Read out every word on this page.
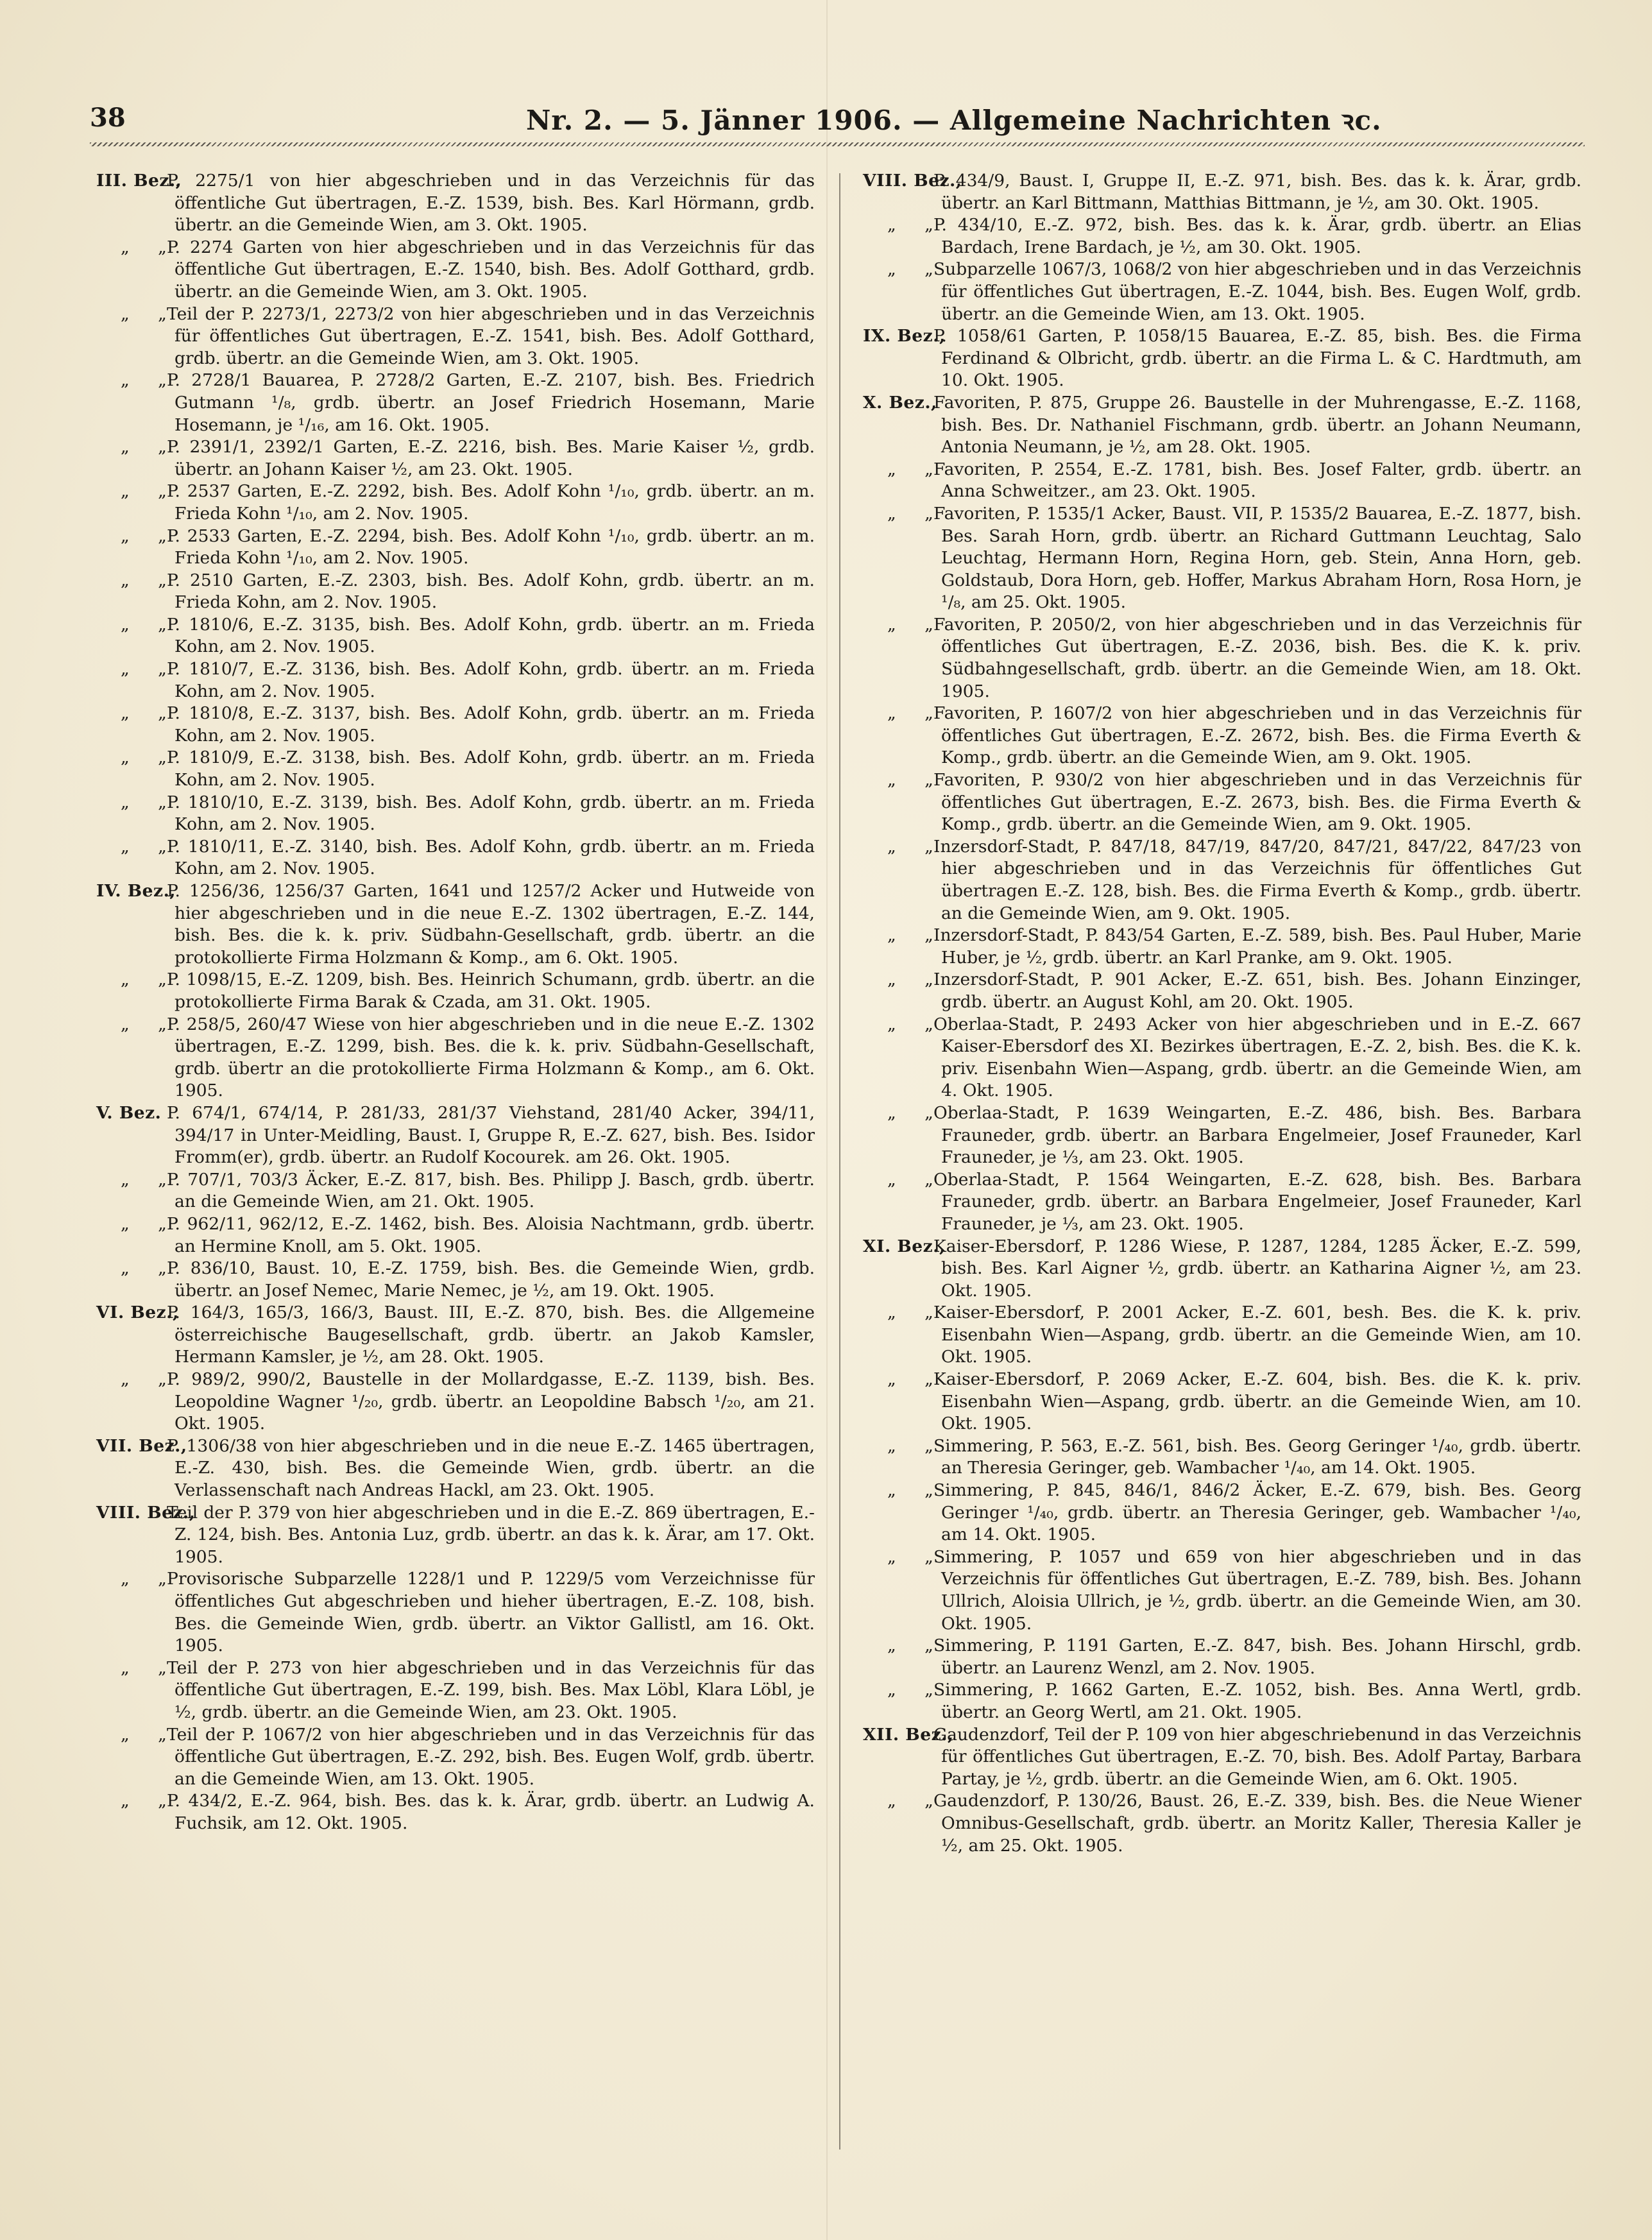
38	Nr. 2. — 5. Jänner 1906. — Allgemeine Nachrichten ꝛc.
III. Bez.,
P. 2275/1 von hier abgeschrieben und in das Verzeichnis für das öffentliche Gut übertragen, E.-Z. 1539, bish. Bes. Karl Hörmann, grdb. übertr. an die Gemeinde Wien, am 3. Okt. 1905.
„ „
P. 2274 Garten von hier abgeschrieben und in das Verzeichnis für das öffentliche Gut übertragen, E.-Z. 1540, bish. Bes. Adolf Gotthard, grdb. übertr. an die Gemeinde Wien, am 3. Okt. 1905.
„ „
Teil der P. 2273/1, 2273/2 von hier abgeschrieben und in das Verzeichnis für öffentliches Gut übertragen, E.-Z. 1541, bish. Bes. Adolf Gotthard, grdb. übertr. an die Gemeinde Wien, am 3. Okt. 1905.
„ „
P. 2728/1 Bauarea, P. 2728/2 Garten, E.-Z. 2107, bish. Bes. Friedrich Gutmann ¹/₈, grdb. übertr. an Josef Friedrich Hosemann, Marie Hosemann, je ¹/₁₆, am 16. Okt. 1905.
„ „
P. 2391/1, 2392/1 Garten, E.-Z. 2216, bish. Bes. Marie Kaiser ½, grdb. übertr. an Johann Kaiser ½, am 23. Okt. 1905.
„ „
P. 2537 Garten, E.-Z. 2292, bish. Bes. Adolf Kohn ¹/₁₀, grdb. übertr. an m. Frieda Kohn ¹/₁₀, am 2. Nov. 1905.
„ „
P. 2533 Garten, E.-Z. 2294, bish. Bes. Adolf Kohn ¹/₁₀, grdb. übertr. an m. Frieda Kohn ¹/₁₀, am 2. Nov. 1905.
„ „
P. 2510 Garten, E.-Z. 2303, bish. Bes. Adolf Kohn, grdb. übertr. an m. Frieda Kohn, am 2. Nov. 1905.
„ „
P. 1810/6, E.-Z. 3135, bish. Bes. Adolf Kohn, grdb. übertr. an m. Frieda Kohn, am 2. Nov. 1905.
„ „
P. 1810/7, E.-Z. 3136, bish. Bes. Adolf Kohn, grdb. übertr. an m. Frieda Kohn, am 2. Nov. 1905.
„ „
P. 1810/8, E.-Z. 3137, bish. Bes. Adolf Kohn, grdb. übertr. an m. Frieda Kohn, am 2. Nov. 1905.
„ „
P. 1810/9, E.-Z. 3138, bish. Bes. Adolf Kohn, grdb. übertr. an m. Frieda Kohn, am 2. Nov. 1905.
„ „
P. 1810/10, E.-Z. 3139, bish. Bes. Adolf Kohn, grdb. übertr. an m. Frieda Kohn, am 2. Nov. 1905.
„ „
P. 1810/11, E.-Z. 3140, bish. Bes. Adolf Kohn, grdb. übertr. an m. Frieda Kohn, am 2. Nov. 1905.
IV. Bez.,
P. 1256/36, 1256/37 Garten, 1641 und 1257/2 Acker und Hutweide von hier abgeschrieben und in die neue E.-Z. 1302 übertragen, E.-Z. 144, bish. Bes. die k. k. priv. Südbahn-Gesellschaft, grdb. übertr. an die protokollierte Firma Holzmann & Komp., am 6. Okt. 1905.
„ „
P. 1098/15, E.-Z. 1209, bish. Bes. Heinrich Schumann, grdb. übertr. an die protokollierte Firma Barak & Czada, am 31. Okt. 1905.
„ „
P. 258/5, 260/47 Wiese von hier abgeschrieben und in die neue E.-Z. 1302 übertragen, E.-Z. 1299, bish. Bes. die k. k. priv. Südbahn-Gesellschaft, grdb. übertr an die protokollierte Firma Holzmann & Komp., am 6. Okt. 1905.
V. Bez. P. 674/1, 674/14, P. 281/33, 281/37 Viehstand, 281/40 Acker, 394/11, 394/17 in Unter-Meidling, Baust. I, Gruppe R, E.-Z. 627, bish. Bes. Isidor Fromm(er), grdb. übertr. an Rudolf Kocourek. am 26. Okt. 1905.
„ „
P. 707/1, 703/3 Äcker, E.-Z. 817, bish. Bes. Philipp J. Basch, grdb. übertr. an die Gemeinde Wien, am 21. Okt. 1905.
„ „
P. 962/11, 962/12, E.-Z. 1462, bish. Bes. Aloisia Nachtmann, grdb. übertr. an Hermine Knoll, am 5. Okt. 1905.
„ „
P. 836/10, Baust. 10, E.-Z. 1759, bish. Bes. die Gemeinde Wien, grdb. übertr. an Josef Nemec, Marie Nemec, je ½, am 19. Okt. 1905.
VI. Bez.,
P. 164/3, 165/3, 166/3, Baust. III, E.-Z. 870, bish. Bes. die Allgemeine österreichische Baugesellschaft, grdb. übertr. an Jakob Kamsler, Hermann Kamsler, je ½, am 28. Okt. 1905.
„ „
P. 989/2, 990/2, Baustelle in der Mollardgasse, E.-Z. 1139, bish. Bes. Leopoldine Wagner ¹/₂₀, grdb. übertr. an Leopoldine Babsch ¹/₂₀, am 21. Okt. 1905.
VII. Bez.,
P. 1306/38 von hier abgeschrieben und in die neue E.-Z. 1465 übertragen, E.-Z. 430, bish. Bes. die Gemeinde Wien, grdb. übertr. an die Verlassenschaft nach Andreas Hackl, am 23. Okt. 1905.
VIII. Bez.,
Teil der P. 379 von hier abgeschrieben und in die E.-Z. 869 übertragen, E.-Z. 124, bish. Bes. Antonia Luz, grdb. übertr. an das k. k. Ärar, am 17. Okt. 1905.
„ „
Provisorische Subparzelle 1228/1 und P. 1229/5 vom Verzeichnisse für öffentliches Gut abgeschrieben und hieher übertragen, E.-Z. 108, bish. Bes. die Gemeinde Wien, grdb. übertr. an Viktor Gallistl, am 16. Okt. 1905.
„ „
Teil der P. 273 von hier abgeschrieben und in das Verzeichnis für das öffentliche Gut übertragen, E.-Z. 199, bish. Bes. Max Löbl, Klara Löbl, je ½, grdb. übertr. an die Gemeinde Wien, am 23. Okt. 1905.
„ „
Teil der P. 1067/2 von hier abgeschrieben und in das Verzeichnis für das öffentliche Gut übertragen, E.-Z. 292, bish. Bes. Eugen Wolf, grdb. übertr. an die Gemeinde Wien, am 13. Okt. 1905.
„ „
P. 434/2, E.-Z. 964, bish. Bes. das k. k. Ärar, grdb. übertr. an Ludwig A. Fuchsik, am 12. Okt. 1905.
VIII. Bez.,
P. 434/9, Baust. I, Gruppe II, E.-Z. 971, bish. Bes. das k. k. Ärar, grdb. übertr. an Karl Bittmann, Matthias Bittmann, je ½, am 30. Okt. 1905.
„ „
P. 434/10, E.-Z. 972, bish. Bes. das k. k. Ärar, grdb. übertr. an Elias Bardach, Irene Bardach, je ½, am 30. Okt. 1905.
„ „
Subparzelle 1067/3, 1068/2 von hier abgeschrieben und in das Verzeichnis für öffentliches Gut übertragen, E.-Z. 1044, bish. Bes. Eugen Wolf, grdb. übertr. an die Gemeinde Wien, am 13. Okt. 1905.
IX. Bez.,
P. 1058/61 Garten, P. 1058/15 Bauarea, E.-Z. 85, bish. Bes. die Firma Ferdinand & Olbricht, grdb. übertr. an die Firma L. & C. Hardtmuth, am 10. Okt. 1905.
X. Bez.,
Favoriten, P. 875, Gruppe 26. Baustelle in der Muhrengasse, E.-Z. 1168, bish. Bes. Dr. Nathaniel Fischmann, grdb. übertr. an Johann Neumann, Antonia Neumann, je ½, am 28. Okt. 1905.
„ „
Favoriten, P. 2554, E.-Z. 1781, bish. Bes. Josef Falter, grdb. übertr. an Anna Schweitzer., am 23. Okt. 1905.
„ „
Favoriten, P. 1535/1 Acker, Baust. VII, P. 1535/2 Bauarea, E.-Z. 1877, bish. Bes. Sarah Horn, grdb. übertr. an Richard Guttmann Leuchtag, Salo Leuchtag, Hermann Horn, Regina Horn, geb. Stein, Anna Horn, geb. Goldstaub, Dora Horn, geb. Hoffer, Markus Abraham Horn, Rosa Horn, je ¹/₈, am 25. Okt. 1905.
„ „
Favoriten, P. 2050/2, von hier abgeschrieben und in das Verzeichnis für öffentliches Gut übertragen, E.-Z. 2036, bish. Bes. die K. k. priv. Südbahngesellschaft, grdb. übertr. an die Gemeinde Wien, am 18. Okt. 1905.
„ „
Favoriten, P. 1607/2 von hier abgeschrieben und in das Verzeichnis für öffentliches Gut übertragen, E.-Z. 2672, bish. Bes. die Firma Everth & Komp., grdb. übertr. an die Gemeinde Wien, am 9. Okt. 1905.
„ „
Favoriten, P. 930/2 von hier abgeschrieben und in das Verzeichnis für öffentliches Gut übertragen, E.-Z. 2673, bish. Bes. die Firma Everth & Komp., grdb. übertr. an die Gemeinde Wien, am 9. Okt. 1905.
„ „
Inzersdorf-Stadt, P. 847/18, 847/19, 847/20, 847/21, 847/22, 847/23 von hier abgeschrieben und in das Verzeichnis für öffentliches Gut übertragen E.-Z. 128, bish. Bes. die Firma Everth & Komp., grdb. übertr. an die Gemeinde Wien, am 9. Okt. 1905.
„ „
Inzersdorf-Stadt, P. 843/54 Garten, E.-Z. 589, bish. Bes. Paul Huber, Marie Huber, je ½, grdb. übertr. an Karl Pranke, am 9. Okt. 1905.
„ „
Inzersdorf-Stadt, P. 901 Acker, E.-Z. 651, bish. Bes. Johann Einzinger, grdb. übertr. an August Kohl, am 20. Okt. 1905.
„ „
Oberlaa-Stadt, P. 2493 Acker von hier abgeschrieben und in E.-Z. 667 Kaiser-Ebersdorf des XI. Bezirkes übertragen, E.-Z. 2, bish. Bes. die K. k. priv. Eisenbahn Wien—Aspang, grdb. übertr. an die Gemeinde Wien, am 4. Okt. 1905.
„ „
Oberlaa-Stadt, P. 1639 Weingarten, E.-Z. 486, bish. Bes. Barbara Frauneder, grdb. übertr. an Barbara Engelmeier, Josef Frauneder, Karl Frauneder, je ⅓, am 23. Okt. 1905.
„ „
Oberlaa-Stadt, P. 1564 Weingarten, E.-Z. 628, bish. Bes. Barbara Frauneder, grdb. übertr. an Barbara Engelmeier, Josef Frauneder, Karl Frauneder, je ⅓, am 23. Okt. 1905.
XI. Bez.,
Kaiser-Ebersdorf, P. 1286 Wiese, P. 1287, 1284, 1285 Äcker, E.-Z. 599, bish. Bes. Karl Aigner ½, grdb. übertr. an Katharina Aigner ½, am 23. Okt. 1905.
„ „
Kaiser-Ebersdorf, P. 2001 Acker, E.-Z. 601, besh. Bes. die K. k. priv. Eisenbahn Wien—Aspang, grdb. übertr. an die Gemeinde Wien, am 10. Okt. 1905.
„ „
Kaiser-Ebersdorf, P. 2069 Acker, E.-Z. 604, bish. Bes. die K. k. priv. Eisenbahn Wien—Aspang, grdb. übertr. an die Gemeinde Wien, am 10. Okt. 1905.
„ „
Simmering, P. 563, E.-Z. 561, bish. Bes. Georg Geringer ¹/₄₀, grdb. übertr. an Theresia Geringer, geb. Wambacher ¹/₄₀, am 14. Okt. 1905.
„ „
Simmering, P. 845, 846/1, 846/2 Äcker, E.-Z. 679, bish. Bes. Georg Geringer ¹/₄₀, grdb. übertr. an Theresia Geringer, geb. Wambacher ¹/₄₀, am 14. Okt. 1905.
„ „
Simmering, P. 1057 und 659 von hier abgeschrieben und in das Verzeichnis für öffentliches Gut übertragen, E.-Z. 789, bish. Bes. Johann Ullrich, Aloisia Ullrich, je ½, grdb. übertr. an die Gemeinde Wien, am 30. Okt. 1905.
„ „
Simmering, P. 1191 Garten, E.-Z. 847, bish. Bes. Johann Hirschl, grdb. übertr. an Laurenz Wenzl, am 2. Nov. 1905.
„ „
Simmering, P. 1662 Garten, E.-Z. 1052, bish. Bes. Anna Wertl, grdb. übertr. an Georg Wertl, am 21. Okt. 1905.
XII. Bez.,
Gaudenzdorf, Teil der P. 109 von hier abgeschriebenund in das Verzeichnis für öffentliches Gut übertragen, E.-Z. 70, bish. Bes. Adolf Partay, Barbara Partay, je ½, grdb. übertr. an die Gemeinde Wien, am 6. Okt. 1905.
„ „
Gaudenzdorf, P. 130/26, Baust. 26, E.-Z. 339, bish. Bes. die Neue Wiener Omnibus-Gesellschaft, grdb. übertr. an Moritz Kaller, Theresia Kaller je ½, am 25. Okt. 1905.
